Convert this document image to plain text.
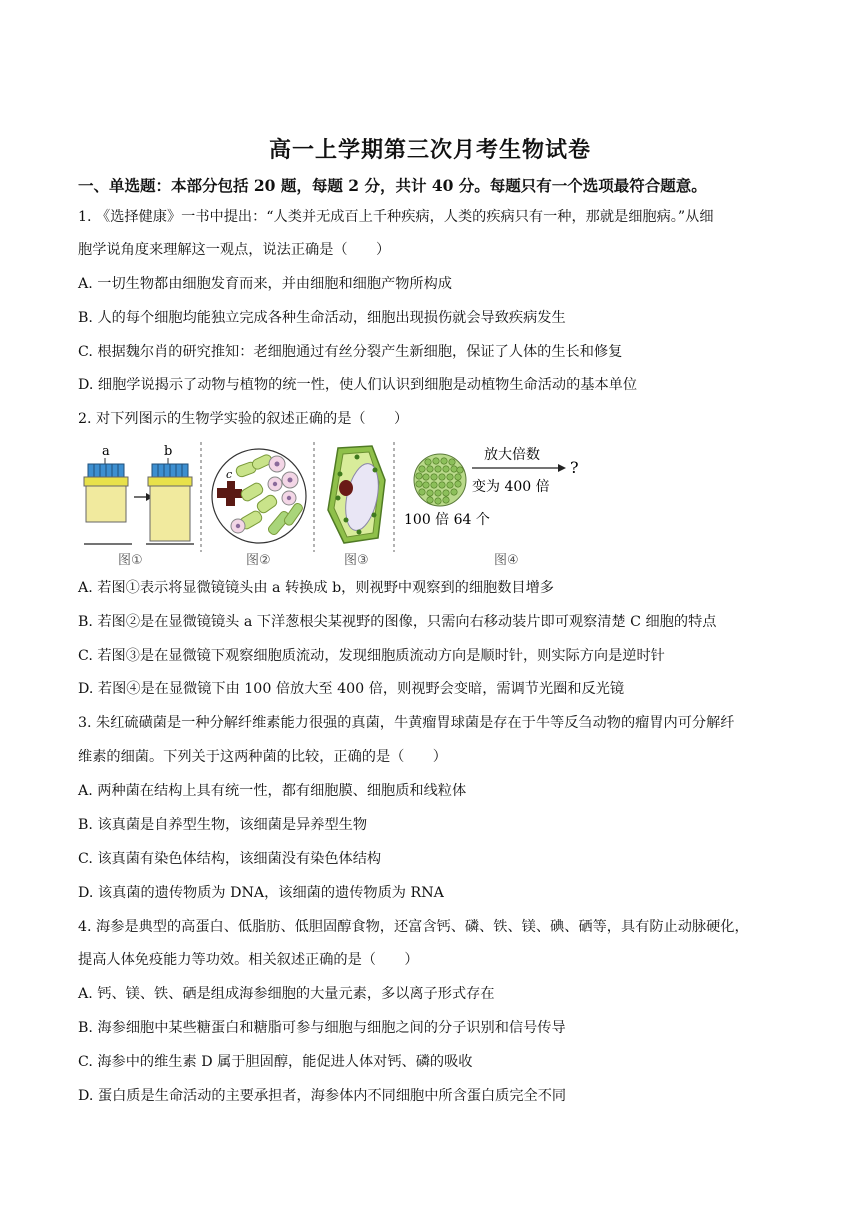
高一上学期第三次月考生物试卷
一、单选题：本部分包括 20 题，每题 2 分，共计 40 分。每题只有一个选项最符合题意。
1. 《选择健康》一书中提出：“人类并无成百上千种疾病，人类的疾病只有一种，那就是细胞病。”从细
胞学说角度来理解这一观点，说法正确是（　　）
A. 一切生物都由细胞发育而来，并由细胞和细胞产物所构成
B. 人的每个细胞均能独立完成各种生命活动，细胞出现损伤就会导致疾病发生
C. 根据魏尔肖的研究推知：老细胞通过有丝分裂产生新细胞，保证了人体的生长和修复
D. 细胞学说揭示了动物与植物的统一性，使人们认识到细胞是动植物生命活动的基本单位
2. 对下列图示的生物学实验的叙述正确的是（　　）
a	b
图①
c
图②	图③
放大倍数
?
变为 400 倍
100 倍 64 个
图④
A. 若图①表示将显微镜镜头由 a 转换成 b，则视野中观察到的细胞数目增多
B. 若图②是在显微镜镜头 a 下洋葱根尖某视野的图像，只需向右移动装片即可观察清楚 C 细胞的特点
C. 若图③是在显微镜下观察细胞质流动，发现细胞质流动方向是顺时针，则实际方向是逆时针
D. 若图④是在显微镜下由 100 倍放大至 400 倍，则视野会变暗，需调节光圈和反光镜
3. 朱红硫磺菌是一种分解纤维素能力很强的真菌，牛黄瘤胃球菌是存在于牛等反刍动物的瘤胃内可分解纤
维素的细菌。下列关于这两种菌的比较，正确的是（　　）
A. 两种菌在结构上具有统一性，都有细胞膜、细胞质和线粒体
B. 该真菌是自养型生物，该细菌是异养型生物
C. 该真菌有染色体结构，该细菌没有染色体结构
D. 该真菌的遗传物质为 DNA，该细菌的遗传物质为 RNA
4. 海参是典型的高蛋白、低脂肪、低胆固醇食物，还富含钙、磷、铁、镁、碘、硒等，具有防止动脉硬化，
提高人体免疫能力等功效。相关叙述正确的是（　　）
A. 钙、镁、铁、硒是组成海参细胞的大量元素，多以离子形式存在
B. 海参细胞中某些糖蛋白和糖脂可参与细胞与细胞之间的分子识别和信号传导
C. 海参中的维生素 D 属于胆固醇，能促进人体对钙、磷的吸收
D. 蛋白质是生命活动的主要承担者，海参体内不同细胞中所含蛋白质完全不同
